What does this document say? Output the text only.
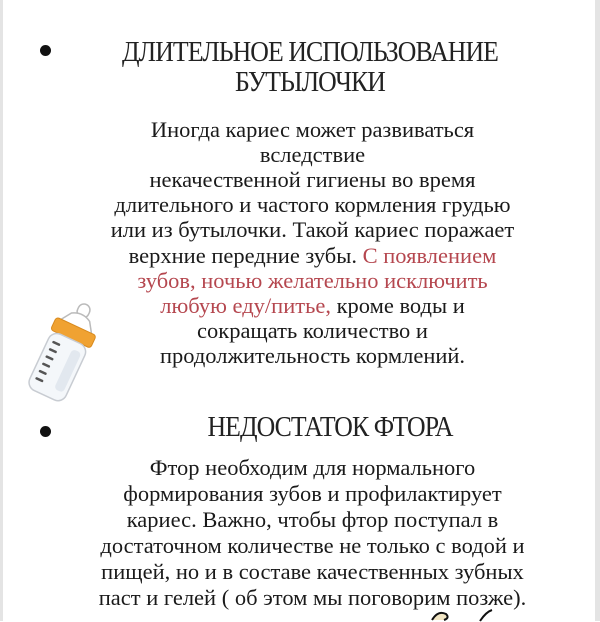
ДЛИТЕЛЬНОЕ ИСПОЛЬЗОВАНИЕ
БУТЫЛОЧКИ
Иногда кариес может развиваться
вследствие
некачественной гигиены во время
длительного и частого кормления грудью
или из бутылочки. Такой кариес поражает
верхние передние зубы. С появлением
зубов, ночью желательно исключить
любую еду/питье, кроме воды и
сокращать количество и
продолжительность кормлений.
НЕДОСТАТОК ФТОРА
Фтор необходим для нормального
формирования зубов и профилактирует
кариес. Важно, чтобы фтор поступал в
достаточном количестве не только с водой и
пищей, но и в составе качественных зубных
паст и гелей ( об этом мы поговорим позже).
